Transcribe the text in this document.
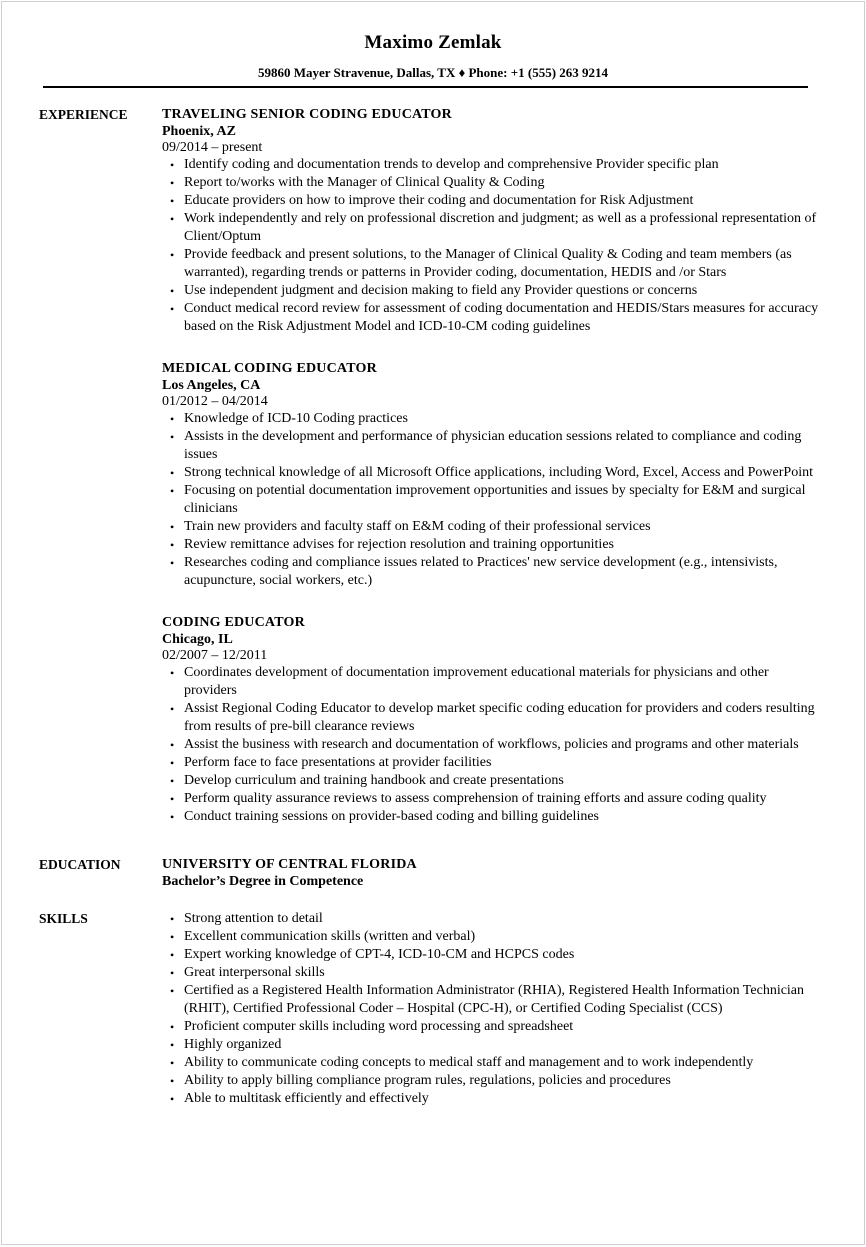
Maximo Zemlak
59860 Mayer Stravenue, Dallas, TX ♦ Phone: +1 (555) 263 9214
EXPERIENCE TRAVELING SENIOR CODING EDUCATOR
Phoenix, AZ
09/2014 – present
• Identify coding and documentation trends to develop and comprehensive Provider specific plan
• Report to/works with the Manager of Clinical Quality & Coding
• Educate providers on how to improve their coding and documentation for Risk Adjustment
• Work independently and rely on professional discretion and judgment; as well as a professional representation of Client/Optum
• Provide feedback and present solutions, to the Manager of Clinical Quality & Coding and team members (as warranted), regarding trends or patterns in Provider coding, documentation, HEDIS and /or Stars
• Use independent judgment and decision making to field any Provider questions or concerns
• Conduct medical record review for assessment of coding documentation and HEDIS/Stars measures for accuracy based on the Risk Adjustment Model and ICD-10-CM coding guidelines
MEDICAL CODING EDUCATOR
Los Angeles, CA
01/2012 – 04/2014
• Knowledge of ICD-10 Coding practices
• Assists in the development and performance of physician education sessions related to compliance and coding issues
• Strong technical knowledge of all Microsoft Office applications, including Word, Excel, Access and PowerPoint
• Focusing on potential documentation improvement opportunities and issues by specialty for E&M and surgical clinicians
• Train new providers and faculty staff on E&M coding of their professional services
• Review remittance advises for rejection resolution and training opportunities
• Researches coding and compliance issues related to Practices' new service development (e.g., intensivists, acupuncture, social workers, etc.)
CODING EDUCATOR
Chicago, IL
02/2007 – 12/2011
• Coordinates development of documentation improvement educational materials for physicians and other providers
• Assist Regional Coding Educator to develop market specific coding education for providers and coders resulting from results of pre-bill clearance reviews
• Assist the business with research and documentation of workflows, policies and programs and other materials
• Perform face to face presentations at provider facilities
• Develop curriculum and training handbook and create presentations
• Perform quality assurance reviews to assess comprehension of training efforts and assure coding quality
• Conduct training sessions on provider-based coding and billing guidelines
EDUCATION	UNIVERSITY OF CENTRAL FLORIDA
Bachelor’s Degree in Competence
SKILLS
•	Strong attention to detail
• Excellent communication skills (written and verbal)
• Expert working knowledge of CPT-4, ICD-10-CM and HCPCS codes
• Great interpersonal skills
• Certified as a Registered Health Information Administrator (RHIA), Registered Health Information Technician (RHIT), Certified Professional Coder – Hospital (CPC-H), or Certified Coding Specialist (CCS)
• Proficient computer skills including word processing and spreadsheet
• Highly organized
• Ability to communicate coding concepts to medical staff and management and to work independently
• Ability to apply billing compliance program rules, regulations, policies and procedures
• Able to multitask efficiently and effectively
